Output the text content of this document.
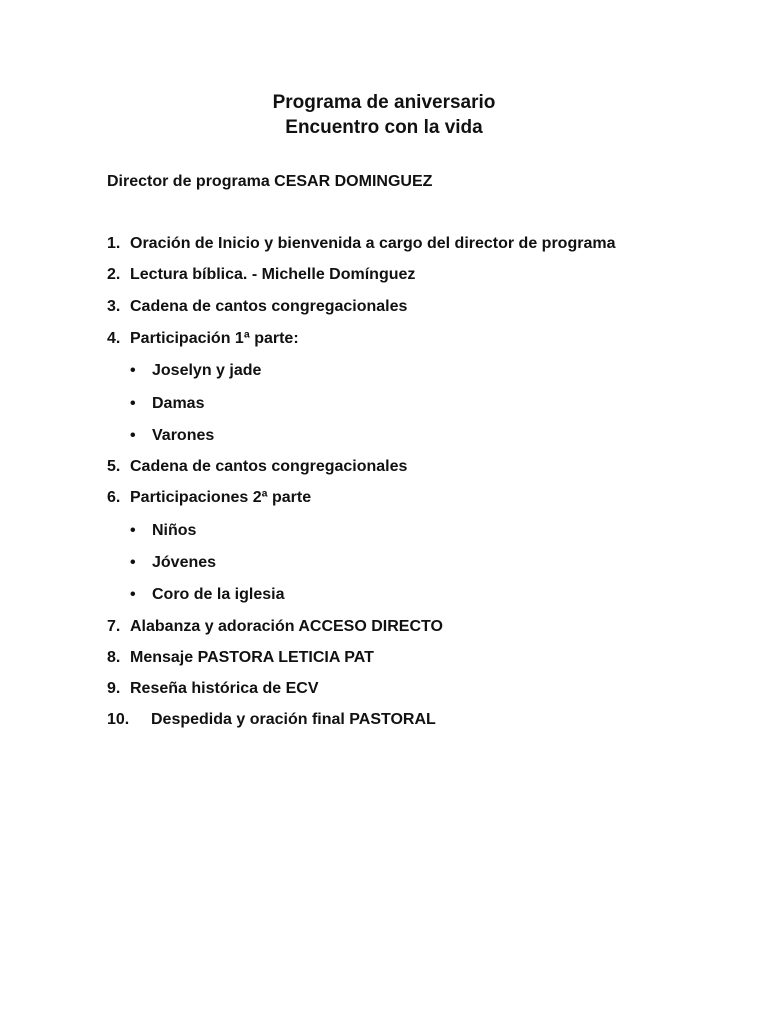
Programa de aniversario
Encuentro con la vida
Director de programa CESAR DOMINGUEZ
1. Oración de Inicio y bienvenida a cargo del director de programa
2. Lectura bíblica. - Michelle Domínguez
3. Cadena de cantos congregacionales
4. Participación 1ª parte:
• Joselyn y jade
• Damas
• Varones
5. Cadena de cantos congregacionales
6. Participaciones 2ª parte
• Niños
• Jóvenes
• Coro de la iglesia
7. Alabanza y adoración ACCESO DIRECTO
8. Mensaje PASTORA LETICIA PAT
9. Reseña histórica de ECV
10. Despedida y oración final PASTORAL
